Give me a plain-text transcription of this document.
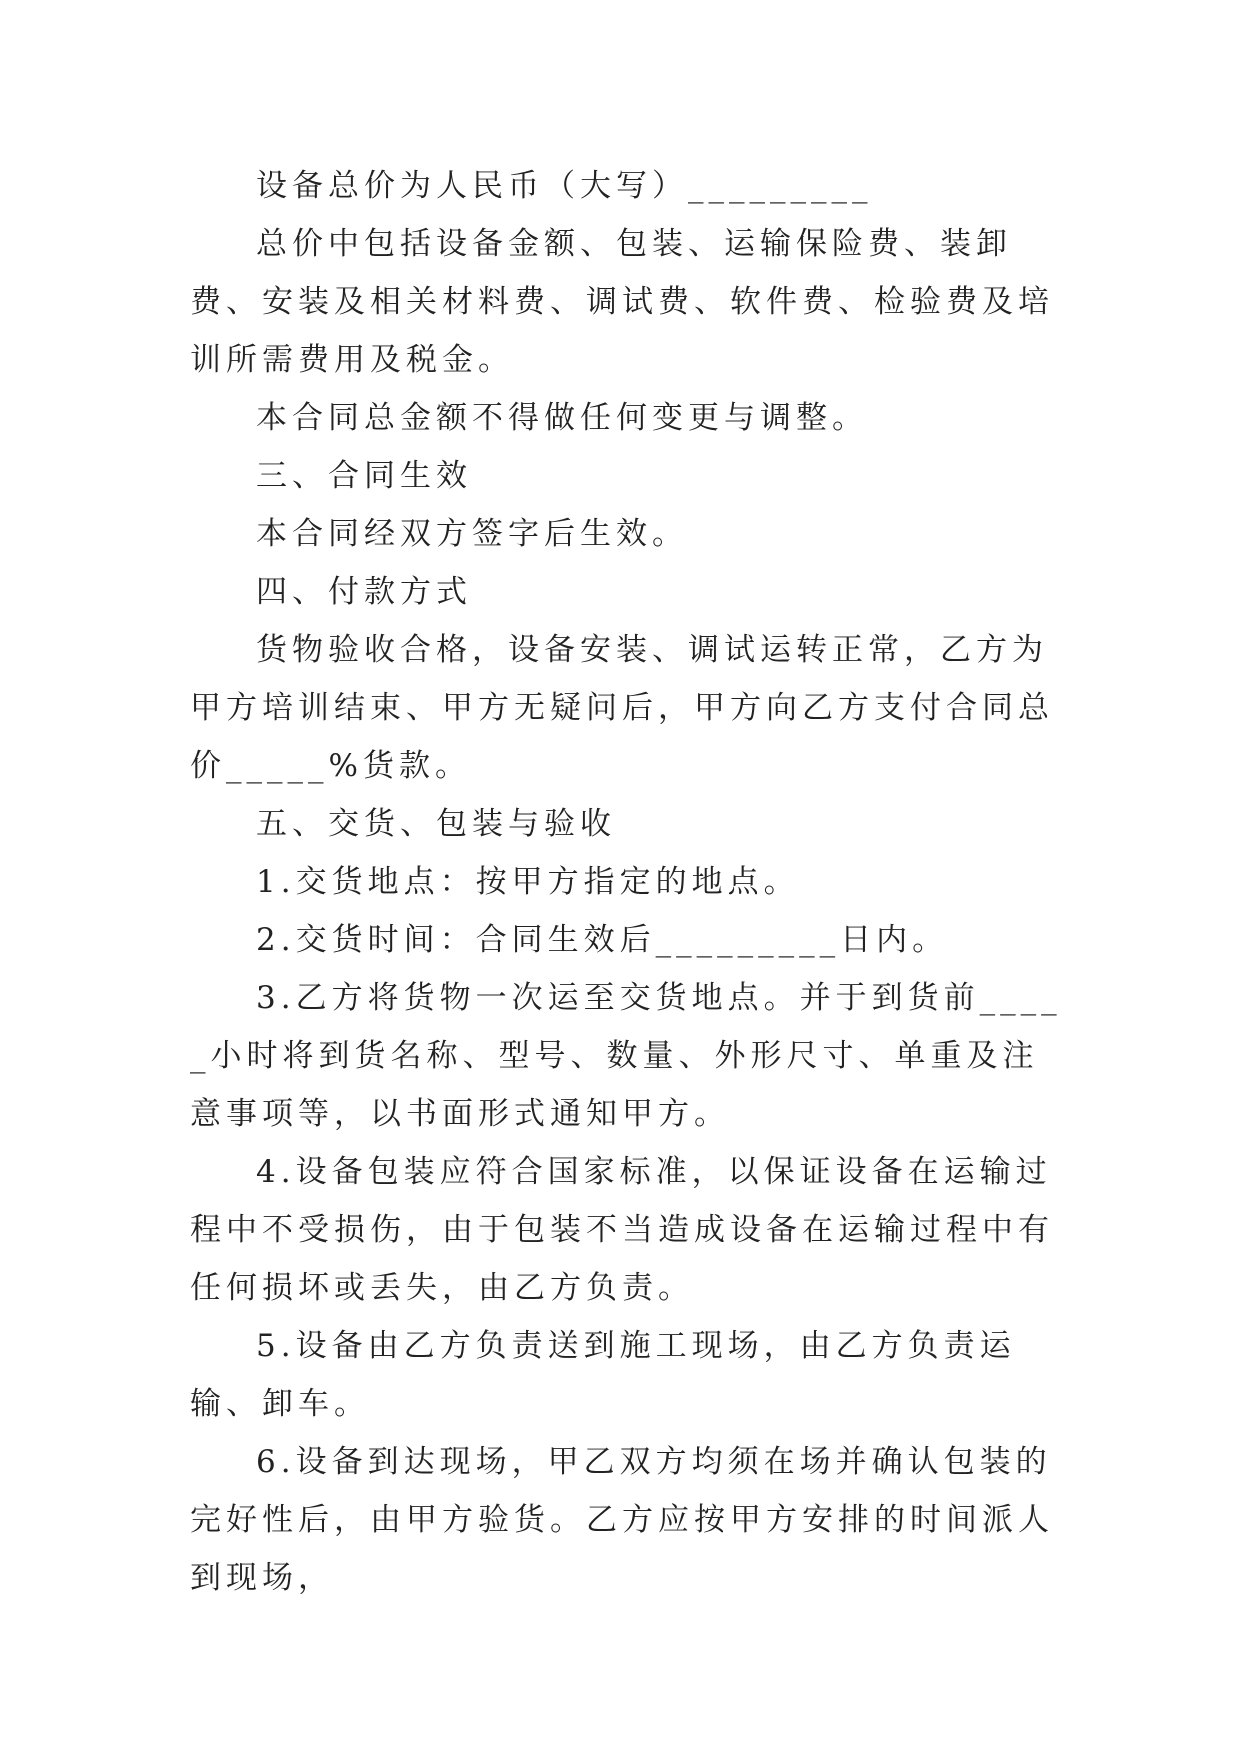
设备总价为人民币（大写）_________

总价中包括设备金额、包装、运输保险费、装卸费、安装及相关材料费、调试费、软件费、检验费及培训所需费用及税金。

本合同总金额不得做任何变更与调整。

三、合同生效

本合同经双方签字后生效。

四、付款方式

货物验收合格，设备安装、调试运转正常，乙方为甲方培训结束、甲方无疑问后，甲方向乙方支付合同总价_____%货款。

五、交货、包装与验收

1.交货地点：按甲方指定的地点。

2.交货时间：合同生效后_________日内。

3.乙方将货物一次运至交货地点。并于到货前_____小时将到货名称、型号、数量、外形尺寸、单重及注意事项等，以书面形式通知甲方。

4.设备包装应符合国家标准，以保证设备在运输过程中不受损伤，由于包装不当造成设备在运输过程中有任何损坏或丢失，由乙方负责。

5.设备由乙方负责送到施工现场，由乙方负责运输、卸车。

6.设备到达现场，甲乙双方均须在场并确认包装的完好性后，由甲方验货。乙方应按甲方安排的时间派人到现场，
